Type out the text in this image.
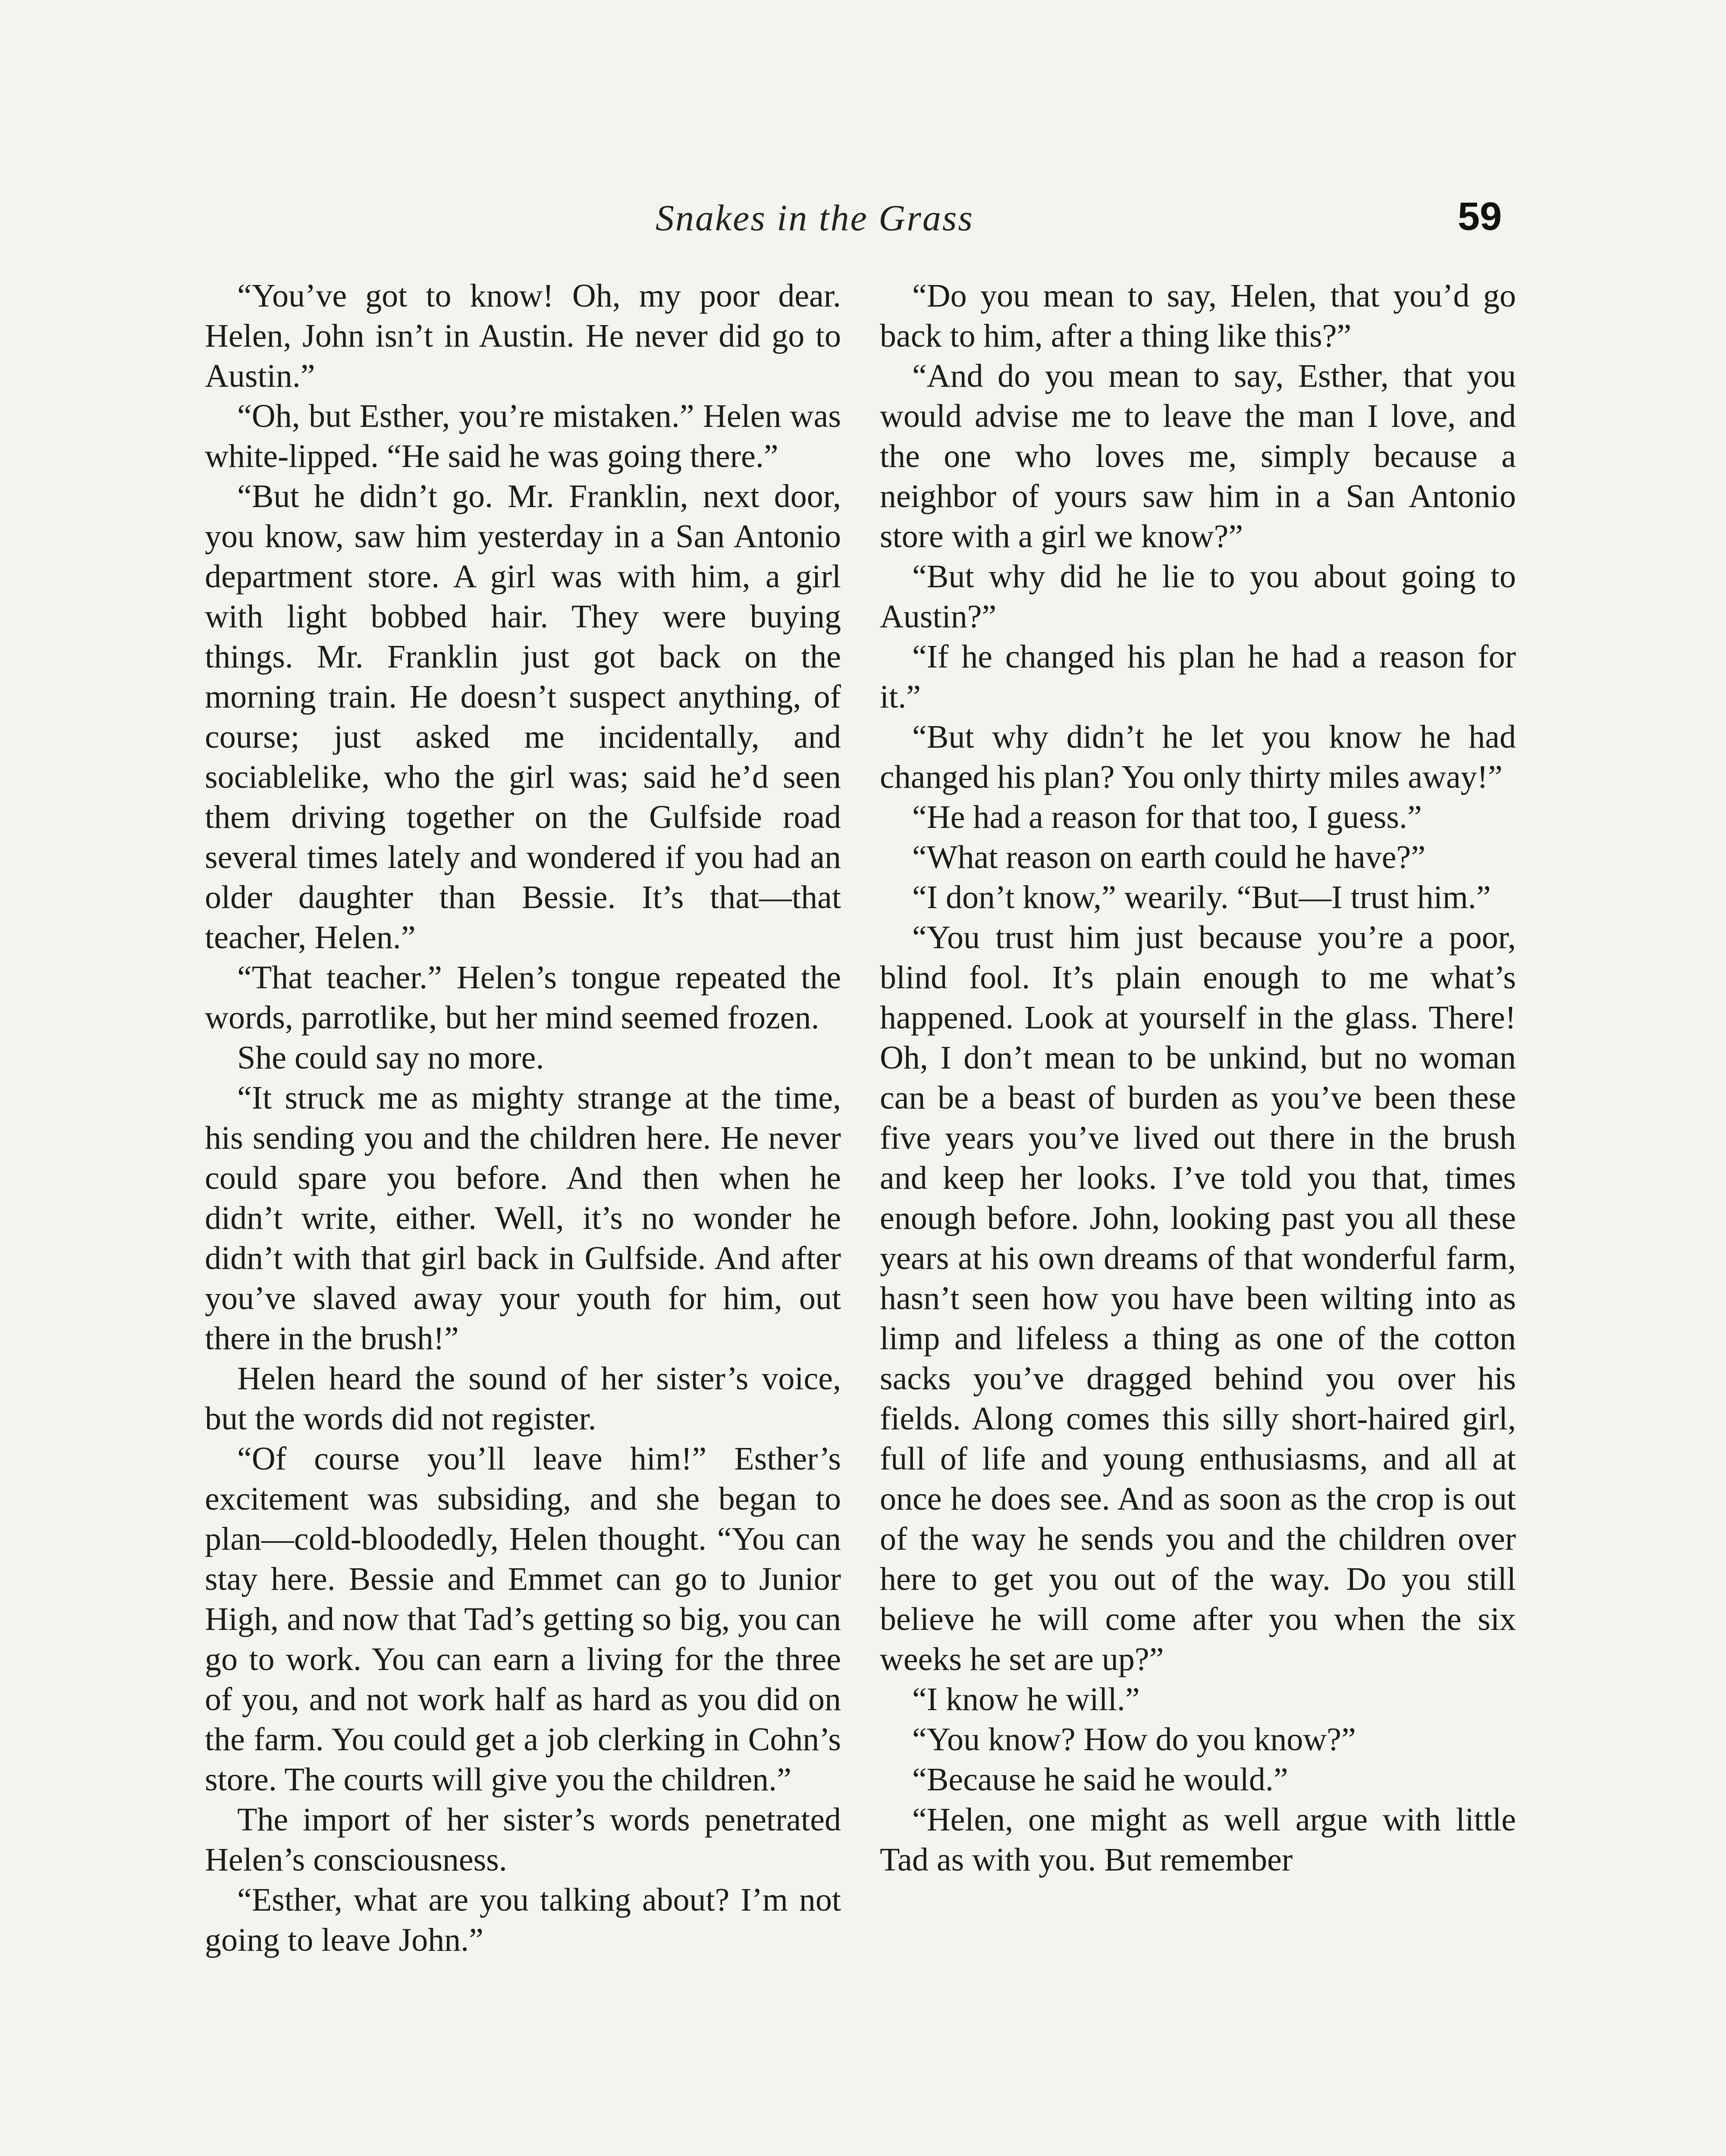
Snakes in the Grass	59

“You’ve got to know! Oh, my poor dear. Helen, John isn’t in Austin. He never did go to Austin.”

“Oh, but Esther, you’re mistaken.” Helen was white-lipped. “He said he was going there.”

“But he didn’t go. Mr. Franklin, next door, you know, saw him yesterday in a San Antonio department store. A girl was with him, a girl with light bobbed hair. They were buying things. Mr. Franklin just got back on the morning train. He doesn’t suspect anything, of course; just asked me incidentally, and sociablelike, who the girl was; said he’d seen them driving together on the Gulfside road several times lately and wondered if you had an older daughter than Bessie. It’s that—that teacher, Helen.”

“That teacher.” Helen’s tongue repeated the words, parrotlike, but her mind seemed frozen.

She could say no more.

“It struck me as mighty strange at the time, his sending you and the children here. He never could spare you before. And then when he didn’t write, either. Well, it’s no wonder he didn’t with that girl back in Gulfside. And after you’ve slaved away your youth for him, out there in the brush!”

Helen heard the sound of her sister’s voice, but the words did not register.

“Of course you’ll leave him!” Esther’s excitement was subsiding, and she began to plan—cold-bloodedly, Helen thought. “You can stay here. Bessie and Emmet can go to Junior High, and now that Tad’s getting so big, you can go to work. You can earn a living for the three of you, and not work half as hard as you did on the farm. You could get a job clerking in Cohn’s store. The courts will give you the children.”

The import of her sister’s words penetrated Helen’s consciousness.

“Esther, what are you talking about? I’m not going to leave John.”

“Do you mean to say, Helen, that you’d go back to him, after a thing like this?”

“And do you mean to say, Esther, that you would advise me to leave the man I love, and the one who loves me, simply because a neighbor of yours saw him in a San Antonio store with a girl we know?”

“But why did he lie to you about going to Austin?”

“If he changed his plan he had a reason for it.”

“But why didn’t he let you know he had changed his plan? You only thirty miles away!”

“He had a reason for that too, I guess.”

“What reason on earth could he have?”

“I don’t know,” wearily. “But—I trust him.”

“You trust him just because you’re a poor, blind fool. It’s plain enough to me what’s happened. Look at yourself in the glass. There! Oh, I don’t mean to be unkind, but no woman can be a beast of burden as you’ve been these five years you’ve lived out there in the brush and keep her looks. I’ve told you that, times enough before. John, looking past you all these years at his own dreams of that wonderful farm, hasn’t seen how you have been wilting into as limp and lifeless a thing as one of the cotton sacks you’ve dragged behind you over his fields. Along comes this silly short-haired girl, full of life and young enthusiasms, and all at once he does see. And as soon as the crop is out of the way he sends you and the children over here to get you out of the way. Do you still believe he will come after you when the six weeks he set are up?”

“I know he will.”

“You know? How do you know?”

“Because he said he would.”

“Helen, one might as well argue with little Tad as with you. But remember
